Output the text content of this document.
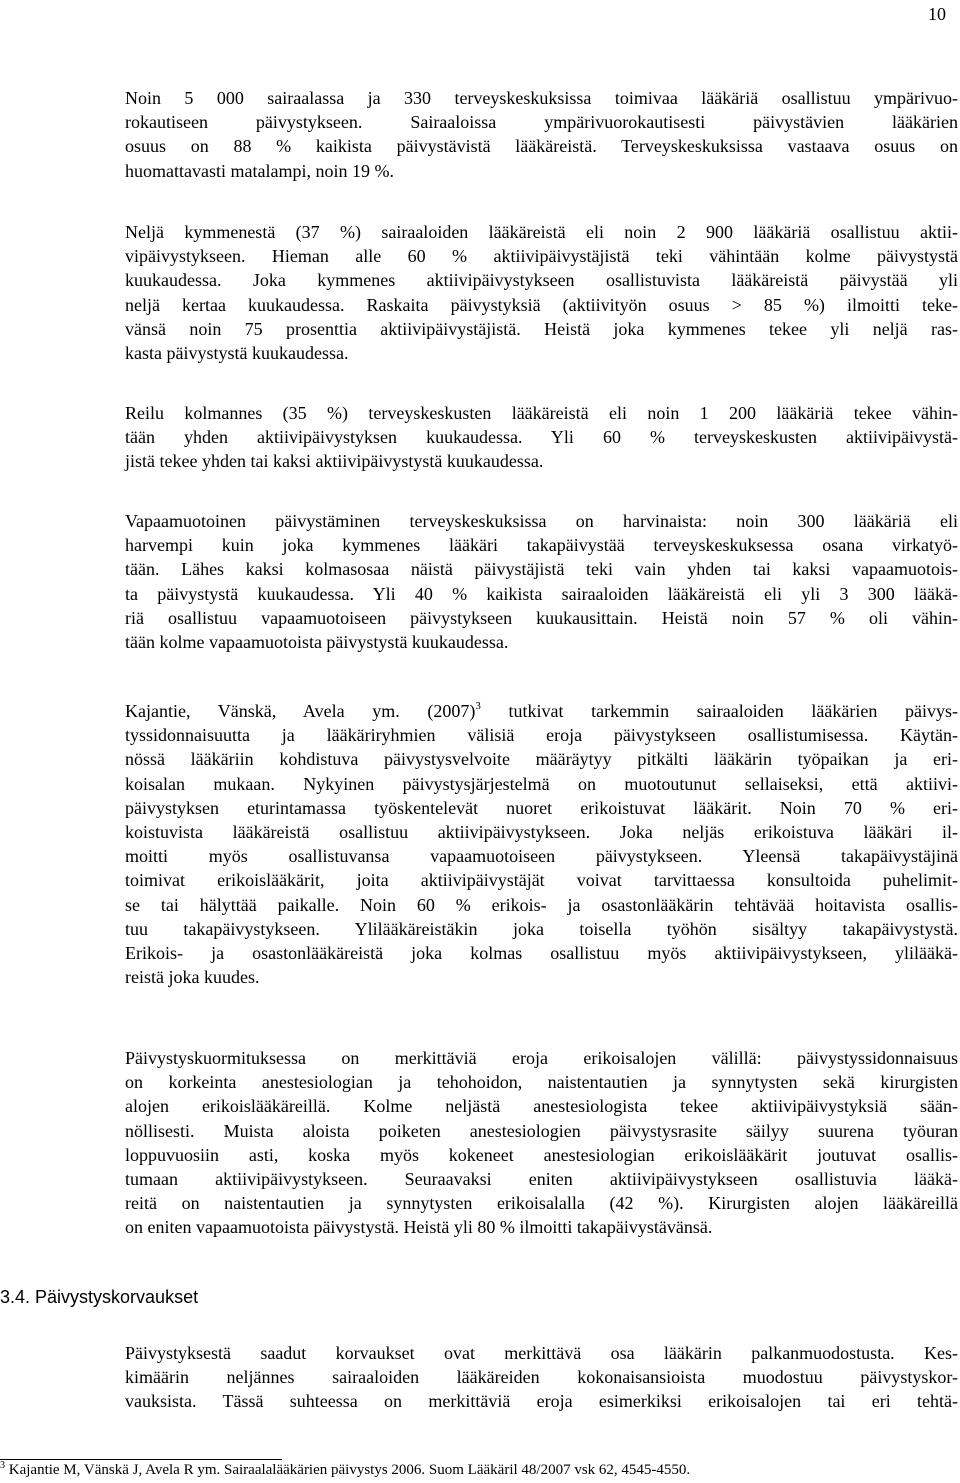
10
Noin 5 000 sairaalassa ja 330 terveyskeskuksissa toimivaa lääkäriä osallistuu ympärivuo-
rokautiseen päivystykseen. Sairaaloissa ympärivuorokautisesti päivystävien lääkärien
osuus on 88 % kaikista päivystävistä lääkäreistä. Terveyskeskuksissa vastaava osuus on
huomattavasti matalampi, noin 19 %.
Neljä kymmenestä (37 %) sairaaloiden lääkäreistä eli noin 2 900 lääkäriä osallistuu aktii-
vipäivystykseen. Hieman alle 60 % aktiivipäivystäjistä teki vähintään kolme päivystystä
kuukaudessa. Joka kymmenes aktiivipäivystykseen osallistuvista lääkäreistä päivystää yli
neljä kertaa kuukaudessa. Raskaita päivystyksiä (aktiivityön osuus > 85 %) ilmoitti teke-
vänsä noin 75 prosenttia aktiivipäivystäjistä. Heistä joka kymmenes tekee yli neljä ras-
kasta päivystystä kuukaudessa.
Reilu kolmannes (35 %) terveyskeskusten lääkäreistä eli noin 1 200 lääkäriä tekee vähin-
tään yhden aktiivipäivystyksen kuukaudessa. Yli 60 % terveyskeskusten aktiivipäivystä-
jistä tekee yhden tai kaksi aktiivipäivystystä kuukaudessa.
Vapaamuotoinen päivystäminen terveyskeskuksissa on harvinaista: noin 300 lääkäriä eli
harvempi kuin joka kymmenes lääkäri takapäivystää terveyskeskuksessa osana virkatyö-
tään. Lähes kaksi kolmasosaa näistä päivystäjistä teki vain yhden tai kaksi vapaamuotois-
ta päivystystä kuukaudessa. Yli 40 % kaikista sairaaloiden lääkäreistä eli yli 3 300 lääkä-
riä osallistuu vapaamuotoiseen päivystykseen kuukausittain. Heistä noin 57 % oli vähin-
tään kolme vapaamuotoista päivystystä kuukaudessa.
Kajantie, Vänskä, Avela ym. $(2007)^3$ tutkivat tarkemmin sairaaloiden lääkärien päivys-
tyssidonnaisuutta ja lääkäriryhmien välisiä eroja päivystykseen osallistumisessa. Käytän-
nössä lääkäriin kohdistuva päivystysvelvoite määräytyy pitkälti lääkärin työpaikan ja eri-
koisalan mukaan. Nykyinen päivystysjärjestelmä on muotoutunut sellaiseksi, että aktiivi-
päivystyksen eturintamassa työskentelevät nuoret erikoistuvat lääkärit. Noin 70 % eri-
koistuvista lääkäreistä osallistuu aktiivipäivystykseen. Joka neljäs erikoistuva lääkäri il-
moitti myös osallistuvansa vapaamuotoiseen päivystykseen. Yleensä takapäivystäjinä
toimivat erikoislääkärit, joita aktiivipäivystäjät voivat tarvittaessa konsultoida puhelimit-
se tai hälyttää paikalle. Noin 60 % erikois- ja osastonlääkärin tehtävää hoitavista osallis-
tuu takapäivystykseen. Ylilääkäreistäkin joka toisella työhön sisältyy takapäivystystä.
Erikois- ja osastonlääkäreistä joka kolmas osallistuu myös aktiivipäivystykseen, ylilääkä-
reistä joka kuudes.
Päivystyskuormituksessa on merkittäviä eroja erikoisalojen välillä: päivystyssidonnaisuus
on korkeinta anestesiologian ja tehohoidon, naistentautien ja synnytysten sekä kirurgisten
alojen erikoislääkäreillä. Kolme neljästä anestesiologista tekee aktiivipäivystyksiä sään-
nöllisesti. Muista aloista poiketen anestesiologien päivystysrasite säilyy suurena työuran
loppuvuosiin asti, koska myös kokeneet anestesiologian erikoislääkärit joutuvat osallis-
tumaan aktiivipäivystykseen. Seuraavaksi eniten aktiivipäivystykseen osallistuvia lääkä-
reitä on naistentautien ja synnytysten erikoisalalla (42 %). Kirurgisten alojen lääkäreillä
on eniten vapaamuotoista päivystystä. Heistä yli 80 % ilmoitti takapäivystävänsä.
3.4. Päivystyskorvaukset
Päivystyksestä saadut korvaukset ovat merkittävä osa lääkärin palkanmuodostusta. Kes-
kimäärin neljännes sairaaloiden lääkäreiden kokonaisansioista muodostuu päivystyskor-
vauksista. Tässä suhteessa on merkittäviä eroja esimerkiksi erikoisalojen tai eri tehtä-
$^3$ Kajantie M, Vänskä J, Avela R ym. Sairaalalääkärien päivystys 2006. Suom Lääkäril 48/2007 vsk 62, 4545-4550.
